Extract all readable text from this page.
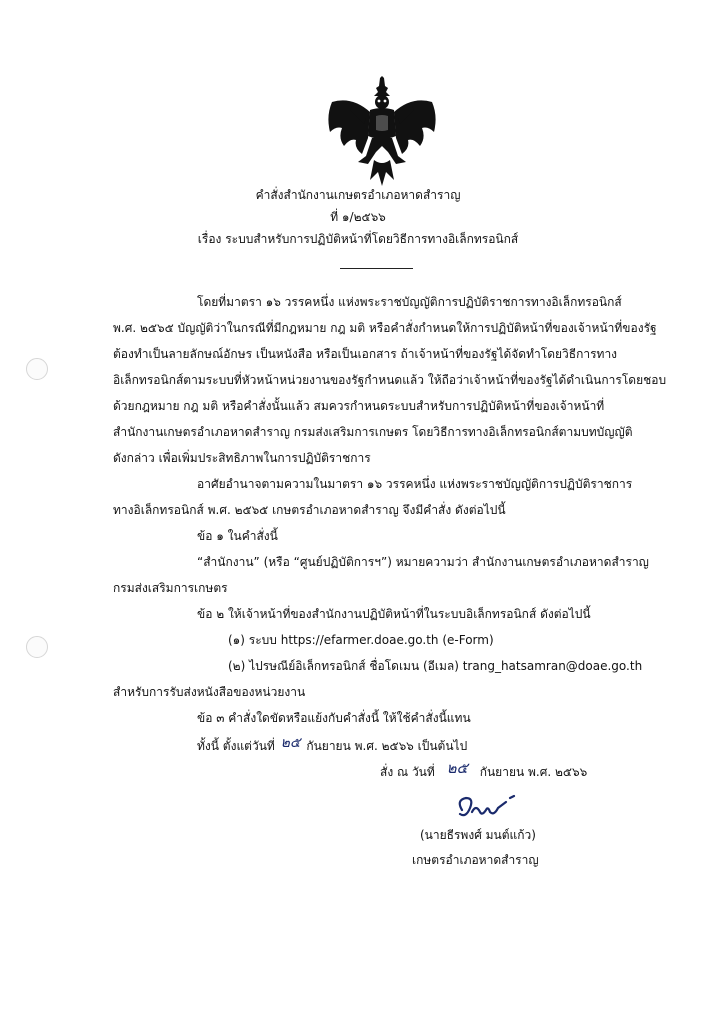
คำสั่งสำนักงานเกษตรอำเภอหาดสำราญ
ที่ ๑/๒๕๖๖
เรื่อง ระบบสำหรับการปฏิบัติหน้าที่โดยวิธีการทางอิเล็กทรอนิกส์
โดยที่มาตรา ๑๖ วรรคหนึ่ง แห่งพระราชบัญญัติการปฏิบัติราชการทางอิเล็กทรอนิกส์
พ.ศ. ๒๕๖๕ บัญญัติว่าในกรณีที่มีกฎหมาย กฎ มติ หรือคำสั่งกำหนดให้การปฏิบัติหน้าที่ของเจ้าหน้าที่ของรัฐ
ต้องทำเป็นลายลักษณ์อักษร เป็นหนังสือ หรือเป็นเอกสาร ถ้าเจ้าหน้าที่ของรัฐได้จัดทำโดยวิธีการทาง
อิเล็กทรอนิกส์ตามระบบที่หัวหน้าหน่วยงานของรัฐกำหนดแล้ว ให้ถือว่าเจ้าหน้าที่ของรัฐได้ดำเนินการโดยชอบ
ด้วยกฎหมาย กฎ มติ หรือคำสั่งนั้นแล้ว สมควรกำหนดระบบสำหรับการปฏิบัติหน้าที่ของเจ้าหน้าที่
สำนักงานเกษตรอำเภอหาดสำราญ กรมส่งเสริมการเกษตร โดยวิธีการทางอิเล็กทรอนิกส์ตามบทบัญญัติ
ดังกล่าว เพื่อเพิ่มประสิทธิภาพในการปฏิบัติราชการ
อาศัยอำนาจตามความในมาตรา ๑๖ วรรคหนึ่ง แห่งพระราชบัญญัติการปฏิบัติราชการ
ทางอิเล็กทรอนิกส์ พ.ศ. ๒๕๖๕ เกษตรอำเภอหาดสำราญ จึงมีคำสั่ง ดังต่อไปนี้
ข้อ ๑ ในคำสั่งนี้
“สำนักงาน” (หรือ “ศูนย์ปฏิบัติการฯ”) หมายความว่า สำนักงานเกษตรอำเภอหาดสำราญ
กรมส่งเสริมการเกษตร
ข้อ ๒ ให้เจ้าหน้าที่ของสำนักงานปฏิบัติหน้าที่ในระบบอิเล็กทรอนิกส์ ดังต่อไปนี้
(๑) ระบบ https://efarmer.doae.go.th (e-Form)
(๒) ไปรษณีย์อิเล็กทรอนิกส์ ชื่อโดเมน (อีเมล) trang_hatsamran@doae.go.th
สำหรับการรับส่งหนังสือของหน่วยงาน
ข้อ ๓ คำสั่งใดขัดหรือแย้งกับคำสั่งนี้ ให้ใช้คำสั่งนี้แทน
ทั้งนี้ ตั้งแต่วันที่ ๒๕ กันยายน พ.ศ. ๒๕๖๖ เป็นต้นไป
สั่ง ณ วันที่ ๒๕ กันยายน พ.ศ. ๒๕๖๖
(นายธีรพงศ์ มนต์แก้ว)
เกษตรอำเภอหาดสำราญ
